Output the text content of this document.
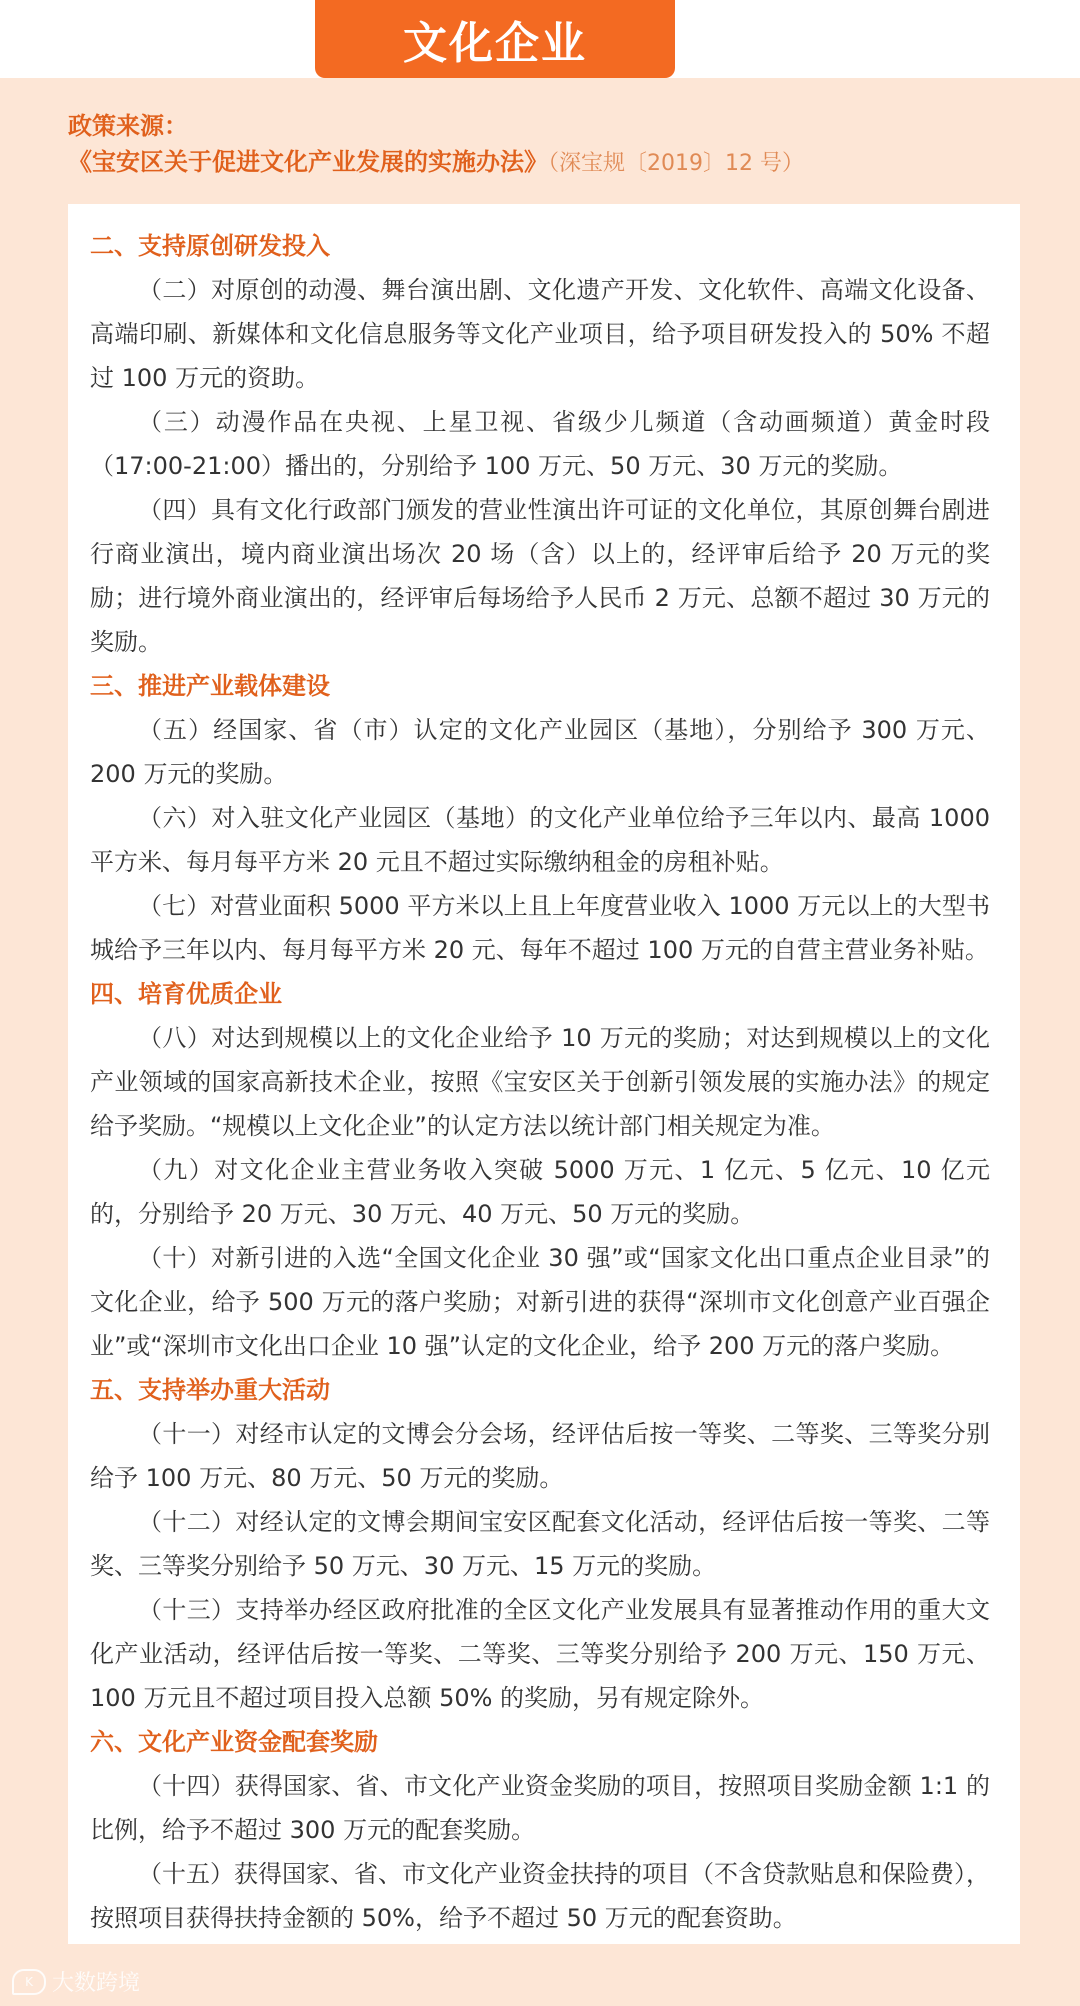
文化企业
政策来源：
《宝安区关于促进文化产业发展的实施办法》（深宝规〔2019〕12 号）

二、支持原创研发投入

（二）对原创的动漫、舞台演出剧、文化遗产开发、文化软件、高端文化设备、高端印刷、新媒体和文化信息服务等文化产业项目，给予项目研发投入的 50% 不超过 100 万元的资助。

（三）动漫作品在央视、上星卫视、省级少儿频道（含动画频道）黄金时段（17:00-21:00）播出的，分别给予 100 万元、50 万元、30 万元的奖励。

（四）具有文化行政部门颁发的营业性演出许可证的文化单位，其原创舞台剧进行商业演出，境内商业演出场次 20 场（含）以上的，经评审后给予 20 万元的奖励；进行境外商业演出的，经评审后每场给予人民币 2 万元、总额不超过 30 万元的奖励。

三、推进产业载体建设

（五）经国家、省（市）认定的文化产业园区（基地），分别给予 300 万元、200 万元的奖励。

（六）对入驻文化产业园区（基地）的文化产业单位给予三年以内、最高 1000 平方米、每月每平方米 20 元且不超过实际缴纳租金的房租补贴。

（七）对营业面积 5000 平方米以上且上年度营业收入 1000 万元以上的大型书城给予三年以内、每月每平方米 20 元、每年不超过 100 万元的自营主营业务补贴。

四、培育优质企业

（八）对达到规模以上的文化企业给予 10 万元的奖励；对达到规模以上的文化产业领域的国家高新技术企业，按照《宝安区关于创新引领发展的实施办法》的规定给予奖励。“规模以上文化企业”的认定方法以统计部门相关规定为准。

（九）对文化企业主营业务收入突破 5000 万元、1 亿元、5 亿元、10 亿元的，分别给予 20 万元、30 万元、40 万元、50 万元的奖励。

（十）对新引进的入选“全国文化企业 30 强”或“国家文化出口重点企业目录”的文化企业，给予 500 万元的落户奖励；对新引进的获得“深圳市文化创意产业百强企业”或“深圳市文化出口企业 10 强”认定的文化企业，给予 200 万元的落户奖励。

五、支持举办重大活动

（十一）对经市认定的文博会分会场，经评估后按一等奖、二等奖、三等奖分别给予 100 万元、80 万元、50 万元的奖励。

（十二）对经认定的文博会期间宝安区配套文化活动，经评估后按一等奖、二等奖、三等奖分别给予 50 万元、30 万元、15 万元的奖励。

（十三）支持举办经区政府批准的全区文化产业发展具有显著推动作用的重大文化产业活动，经评估后按一等奖、二等奖、三等奖分别给予 200 万元、150 万元、100 万元且不超过项目投入总额 50% 的奖励，另有规定除外。

六、文化产业资金配套奖励

（十四）获得国家、省、市文化产业资金奖励的项目，按照项目奖励金额 1:1 的比例，给予不超过 300 万元的配套奖励。

（十五）获得国家、省、市文化产业资金扶持的项目（不含贷款贴息和保险费），按照项目获得扶持金额的 50%，给予不超过 50 万元的配套资助。

K 大数跨境
